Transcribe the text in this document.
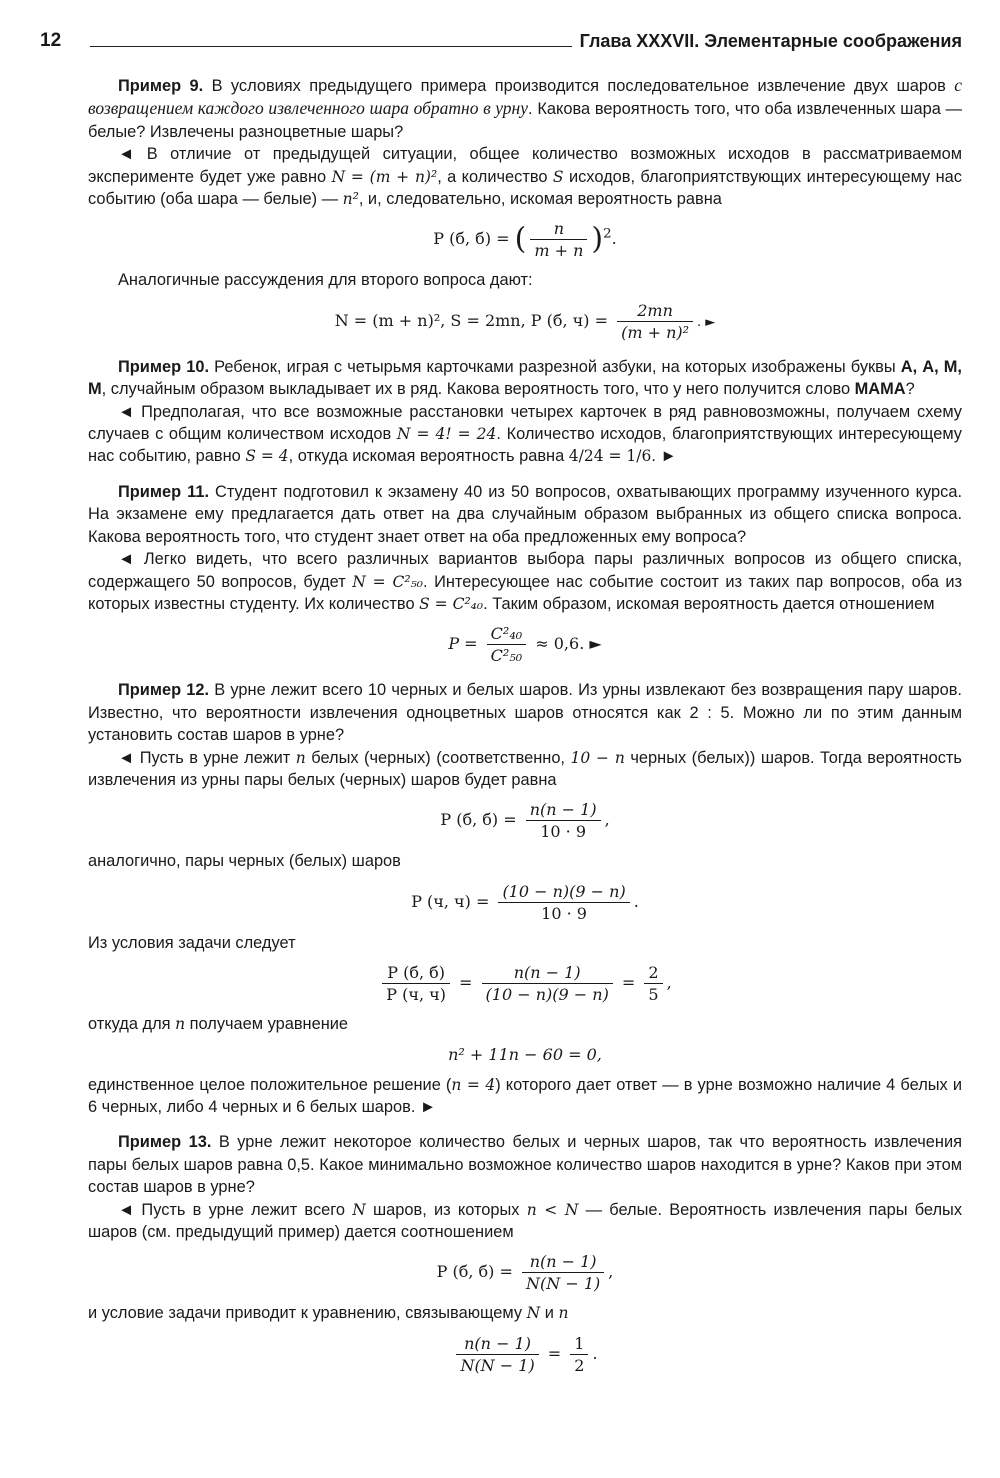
12	Глава XXXVII. Элементарные соображения

Пример 9. В условиях предыдущего примера производится последовательное извлечение двух шаров с возвращением каждого извлеченного шара обратно в урну. Какова вероятность того, что оба извлеченных шара — белые? Извлечены разноцветные шары?

◄ В отличие от предыдущей ситуации, общее количество возможных исходов в рассматриваемом эксперименте будет уже равно N = (m + n)², а количество S исходов, благоприятствующих интересующему нас событию (оба шара — белые) — n², и, следовательно, искомая вероятность равна

P (б, б) = ( $\frac{n}{m + n} )^2$.

Аналогичные рассуждения для второго вопроса дают:

N = (m + n)², S = 2mn, P (б, $ч) = \frac{2mn}{\text{(m + n)²}}$ . ►

Пример 10. Ребенок, играя с четырьмя карточками разрезной азбуки, на которых изображены буквы А, А, М, М, случайным образом выкладывает их в ряд. Какова вероятность того, что у него получится слово МАМА?

◄ Предполагая, что все возможные расстановки четырех карточек в ряд равновозможны, получаем схему случаев с общим количеством исходов N = 4! = 24. Количество исходов, благоприятствующих интересующему нас событию, равно S = 4, откуда искомая вероятность равна 4/24 = 1/6. ►

Пример 11. Студент подготовил к экзамену 40 из 50 вопросов, охватывающих программу изученного курса. На экзамене ему предлагается дать ответ на два случайным образом выбранных из общего списка вопроса. Какова вероятность того, что студент знает ответ на оба предложенных ему вопроса?

◄ Легко видеть, что всего различных вариантов выбора пары различных вопросов из общего списка, содержащего 50 вопросов, будет N = C²₅₀. Интересующее нас событие состоит из таких пар вопросов, оба из которых известны студенту. Их количество S = C²₄₀. Таким образом, искомая вероятность дается отношением

$P = \frac{\text{C²₄₀}}{\text{C²₅₀}} \approx 0,6$. ►

Пример 12. В урне лежит всего 10 черных и белых шаров. Из урны извлекают без возвращения пару шаров. Известно, что вероятности извлечения одноцветных шаров относятся как 2 : 5. Можно ли по этим данным установить состав шаров в урне?

◄ Пусть в урне лежит n белых (черных) (соответственно, 10 − n черных (белых)) шаров. Тогда вероятность извлечения из урны пары белых (черных) шаров будет равна

P (б, $б) = \frac{n(n - 1)}{10 \cdot 9}$ ,

аналогично, пары черных (белых) шаров

P (ч, $ч) = \frac{(10 - n)(9 - n)}{10 \cdot 9}$ .

Из условия задачи следует

$\frac{P (б, б)}{P (ч, ч)} = \frac{n(n - 1)}{(10 - n)(9 - n)} = \frac{2}{5}$ ,

откуда для n получаем уравнение

n² + 11n − 60 = 0,

единственное целое положительное решение (n = 4) которого дает ответ — в урне возможно наличие 4 белых и 6 черных, либо 4 черных и 6 белых шаров. ►

Пример 13. В урне лежит некоторое количество белых и черных шаров, так что вероятность извлечения пары белых шаров равна 0,5. Какое минимально возможное количество шаров находится в урне? Каков при этом состав шаров в урне?

◄ Пусть в урне лежит всего N шаров, из которых n < N — белые. Вероятность извлечения пары белых шаров (см. предыдущий пример) дается соотношением

P (б, $б) = \frac{n(n - 1)}{N(N - 1)}$ ,

и условие задачи приводит к уравнению, связывающему N и n

$\frac{n(n - 1)}{N(N - 1)} = \frac{1}{2}$ .
